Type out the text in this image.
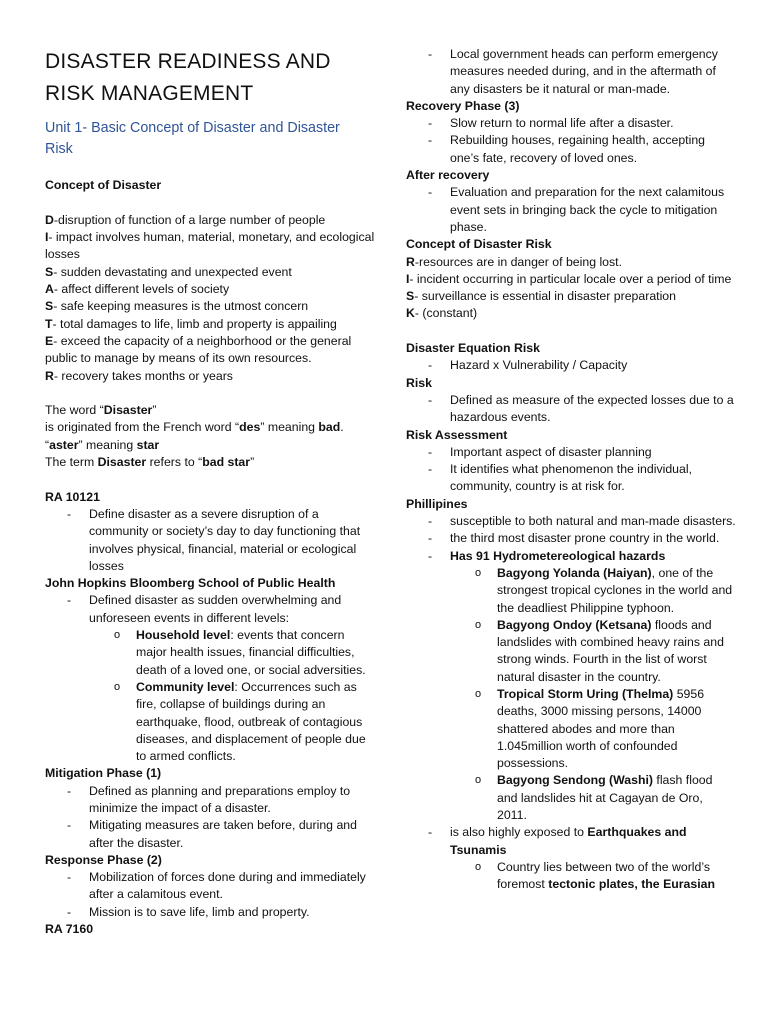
DISASTER READINESS AND
RISK MANAGEMENT
Unit 1- Basic Concept of Disaster and Disaster
Risk

Concept of Disaster

D-disruption of function of a large number of people

I- impact involves human, material, monetary, and ecological losses

S- sudden devastating and unexpected event

A- affect different levels of society

S- safe keeping measures is the utmost concern

T- total damages to life, limb and property is appailing

E- exceed the capacity of a neighborhood or the general public to manage by means of its own resources.

R- recovery takes months or years

The word “Disaster”

is originated from the French word “des” meaning bad.

“aster” meaning star

The term Disaster refers to “bad star”

RA 10121

- Define disaster as a severe disruption of a community or society’s day to day functioning that involves physical, financial, material or ecological losses

John Hopkins Bloomberg School of Public Health

- Defined disaster as sudden overwhelming and unforeseen events in different levels:

o Household level: events that concern major health issues, financial difficulties, death of a loved one, or social adversities.

o Community level: Occurrences such as fire, collapse of buildings during an earthquake, flood, outbreak of contagious diseases, and displacement of people due to armed conflicts.

Mitigation Phase (1)

- Defined as planning and preparations employ to minimize the impact of a disaster.

- Mitigating measures are taken before, during and after the disaster.

Response Phase (2)

- Mobilization of forces done during and immediately after a calamitous event.

- Mission is to save life, limb and property.

RA 7160

- Local government heads can perform emergency measures needed during, and in the aftermath of any disasters be it natural or man-made.

Recovery Phase (3)

- Slow return to normal life after a disaster.

- Rebuilding houses, regaining health, accepting one’s fate, recovery of loved ones.

After recovery

- Evaluation and preparation for the next calamitous event sets in bringing back the cycle to mitigation phase.

Concept of Disaster Risk

R-resources are in danger of being lost.

I- incident occurring in particular locale over a period of time

S- surveillance is essential in disaster preparation

K- (constant)

Disaster Equation Risk

- Hazard x Vulnerability / Capacity

Risk

- Defined as measure of the expected losses due to a hazardous events.

Risk Assessment

- Important aspect of disaster planning

- It identifies what phenomenon the individual, community, country is at risk for.

Phillipines

- susceptible to both natural and man-made disasters.

- the third most disaster prone country in the world.

- Has 91 Hydrometereological hazards

o Bagyong Yolanda (Haiyan), one of the strongest tropical cyclones in the world and the deadliest Philippine typhoon.

o Bagyong Ondoy (Ketsana) floods and landslides with combined heavy rains and strong winds. Fourth in the list of worst natural disaster in the country.

o Tropical Storm Uring (Thelma) 5956 deaths, 3000 missing persons, 14000 shattered abodes and more than 1.045million worth of confounded possessions.

o Bagyong Sendong (Washi) flash flood and landslides hit at Cagayan de Oro, 2011.

- is also highly exposed to Earthquakes and Tsunamis

o Country lies between two of the world’s foremost tectonic plates, the Eurasian
